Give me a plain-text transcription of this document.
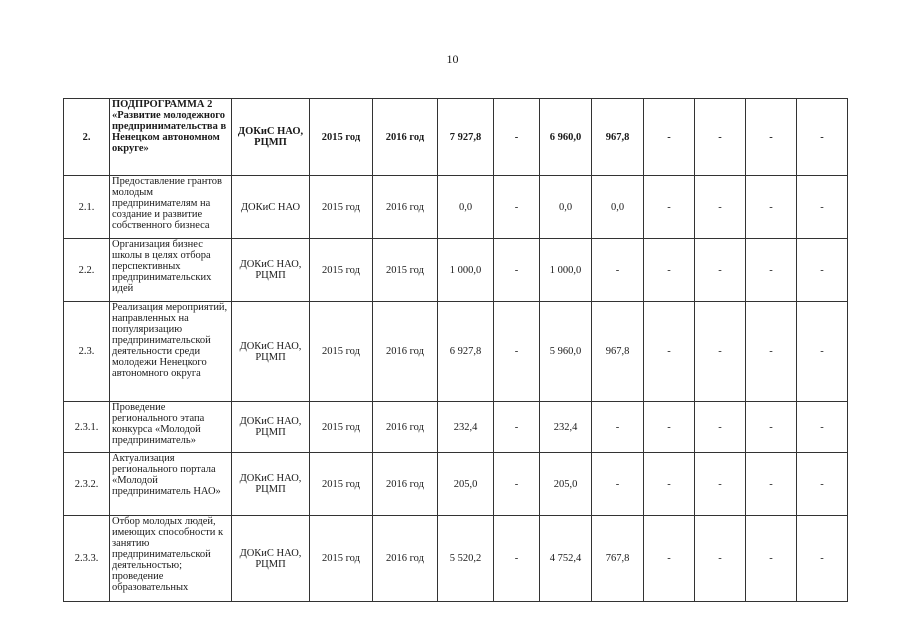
10
2.	ПОДПРОГРАММА 2 «Развитие молодежного предпринимательства в Ненецком автономном округе»	ДОКиС НАО, РЦМП	2015 год	2016 год	7 927,8	-	6 960,0	967,8	-	-	-	-
2.1.	Предоставление грантов молодым предпринимателям на создание и развитие собственного бизнеса	ДОКиС НАО	2015 год	2016 год	0,0	-	0,0	0,0	-	-	-	-
2.2.	Организация бизнес школы в целях отбора перспективных предпринимательских идей	ДОКиС НАО, РЦМП	2015 год	2015 год	1 000,0	-	1 000,0	-	-	-	-	-
2.3.	Реализация мероприятий, направленных на популяризацию предпринимательской деятельности среди молодежи Ненецкого автономного округа	ДОКиС НАО, РЦМП	2015 год	2016 год	6 927,8	-	5 960,0	967,8	-	-	-	-
2.3.1.	Проведение регионального этапа конкурса «Молодой предприниматель»	ДОКиС НАО, РЦМП	2015 год	2016 год	232,4	-	232,4	-	-	-	-	-
2.3.2.	Актуализация регионального портала «Молодой предприниматель НАО»	ДОКиС НАО, РЦМП	2015 год	2016 год	205,0	-	205,0	-	-	-	-	-
2.3.3.	Отбор молодых людей, имеющих способности к занятию предпринимательской деятельностью; проведение образовательных	ДОКиС НАО, РЦМП	2015 год	2016 год	5 520,2	-	4 752,4	767,8	-	-	-	-
